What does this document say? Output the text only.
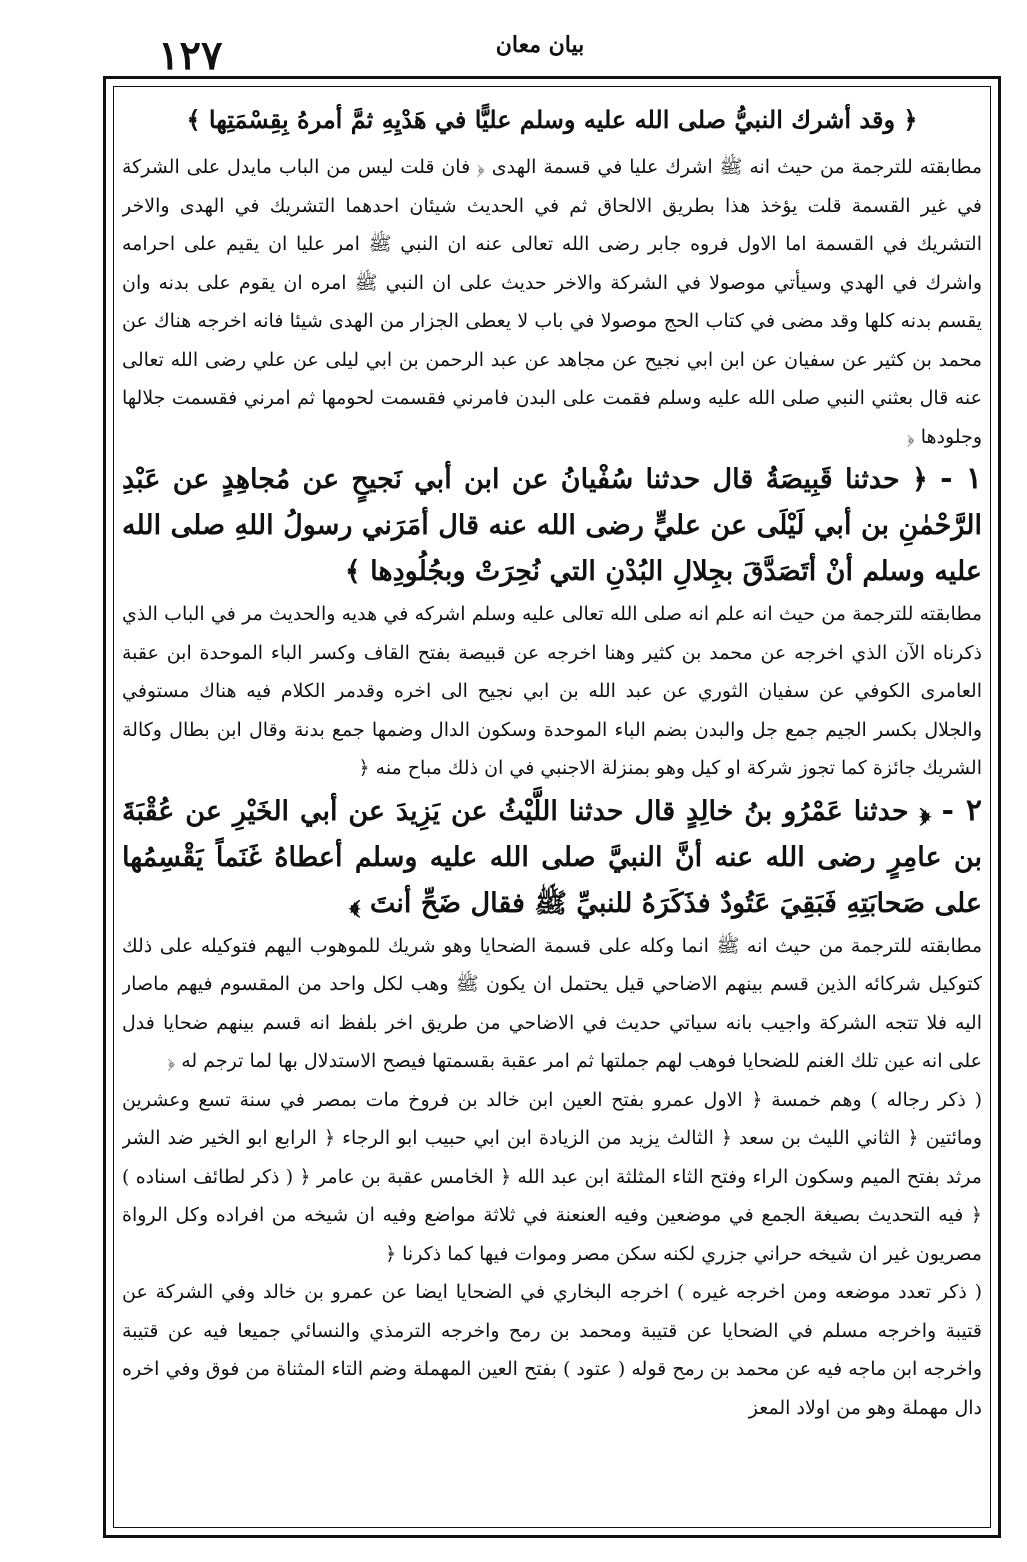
١٢٧	بيان معان
﴿ وقد أشرك النبيُّ صلى الله عليه وسلم عليًّا في هَدْيِهِ ثمَّ أمرهُ بِقِسْمَتِها ﴾

مطابقته للترجمة من حيث انه ﷺ اشرك عليا في قسمة الهدى ﴿ فان قلت ليس من الباب مايدل على الشركة في غير القسمة قلت يؤخذ هذا بطريق الالحاق ثم في الحديث شيئان احدهما التشريك في الهدى والاخر التشريك في القسمة اما الاول فروه جابر رضى الله تعالى عنه ان النبي ﷺ امر عليا ان يقيم على احرامه واشرك في الهدي وسيأتي موصولا في الشركة والاخر حديث على ان النبي ﷺ امره ان يقوم على بدنه وان يقسم بدنه كلها وقد مضى في كتاب الحج موصولا في باب لا يعطى الجزار من الهدى شيئا فانه اخرجه هناك عن محمد بن كثير عن سفيان عن ابن ابي نجيح عن مجاهد عن عبد الرحمن بن ابي ليلى عن علي رضى الله تعالى عنه قال بعثني النبي صلى الله عليه وسلم فقمت على البدن فامرني فقسمت لحومها ثم امرني فقسمت جلالها وجلودها ﴿

١ - ﴿ حدثنا قَبِيصَةُ قال حدثنا سُفْيانُ عن ابن أبي نَجيحٍ عن مُجاهِدٍ عن عَبْدِ الرَّحْمٰنِ بن أبي لَيْلَى عن عليٍّ رضى الله عنه قال أمَرَني رسولُ اللهِ صلى الله عليه وسلم أنْ أتَصَدَّقَ بجِلالِ البُدْنِ التي نُحِرَتْ وبجُلُودِها ﴾

مطابقته للترجمة من حيث انه علم انه صلى الله تعالى عليه وسلم اشركه في هديه والحديث مر في الباب الذي ذكرناه الآن الذي اخرجه عن محمد بن كثير وهنا اخرجه عن قبيصة بفتح القاف وكسر الباء الموحدة ابن عقبة العامرى الكوفي عن سفيان الثوري عن عبد الله بن ابي نجيح الى اخره وقدمر الكلام فيه هناك مستوفي والجلال بكسر الجيم جمع جل والبدن بضم الباء الموحدة وسكون الدال وضمها جمع بدنة وقال ابن بطال وكالة الشريك جائزة كما تجوز شركة او كيل وهو بمنزلة الاجنبي في ان ذلك مباح منه ﴿

٢ - ﴿ حدثنا عَمْرُو بنُ خالِدٍ قال حدثنا اللَّيْثُ عن يَزِيدَ عن أبي الخَيْرِ عن عُقْبَةَ بن عامِرٍ رضى الله عنه أنَّ النبيَّ صلى الله عليه وسلم أعطاهُ غَنَماً يَقْسِمُها على صَحابَتِهِ فَبَقِيَ عَتُودٌ فذَكَرَهُ للنبيِّ ﷺ فقال ضَحِّ أنتَ ﴾

مطابقته للترجمة من حيث انه ﷺ انما وكله على قسمة الضحايا وهو شريك للموهوب اليهم فتوكيله على ذلك كتوكيل شركائه الذين قسم بينهم الاضاحي قيل يحتمل ان يكون ﷺ وهب لكل واحد من المقسوم فيهم ماصار اليه فلا تتجه الشركة واجيب بانه سياتي حديث في الاضاحي من طريق اخر بلفظ انه قسم بينهم ضحايا فدل على انه عين تلك الغنم للضحايا فوهب لهم جملتها ثم امر عقبة بقسمتها فيصح الاستدلال بها لما ترجم له ﴿

( ذكر رجاله ) وهم خمسة ﴿ الاول عمرو بفتح العين ابن خالد بن فروخ مات بمصر في سنة تسع وعشرين ومائتين ﴿ الثاني الليث بن سعد ﴿ الثالث يزيد من الزيادة ابن ابي حبيب ابو الرجاء ﴿ الرابع ابو الخير ضد الشر مرثد بفتح الميم وسكون الراء وفتح الثاء المثلثة ابن عبد الله ﴿ الخامس عقبة بن عامر ﴿ ( ذكر لطائف اسناده ) ﴿ فيه التحديث بصيغة الجمع في موضعين وفيه العنعنة في ثلاثة مواضع وفيه ان شيخه من افراده وكل الرواة مصريون غير ان شيخه حراني جزري لكنه سكن مصر وموات فيها كما ذكرنا ﴿

( ذكر تعدد موضعه ومن اخرجه غيره ) اخرجه البخاري في الضحايا ايضا عن عمرو بن خالد وفي الشركة عن قتيبة واخرجه مسلم في الضحايا عن قتيبة ومحمد بن رمح واخرجه الترمذي والنسائي جميعا فيه عن قتيبة واخرجه ابن ماجه فيه عن محمد بن رمح قوله ( عتود ) بفتح العين المهملة وضم التاء المثناة من فوق وفي اخره دال مهملة وهو من اولاد المعز
